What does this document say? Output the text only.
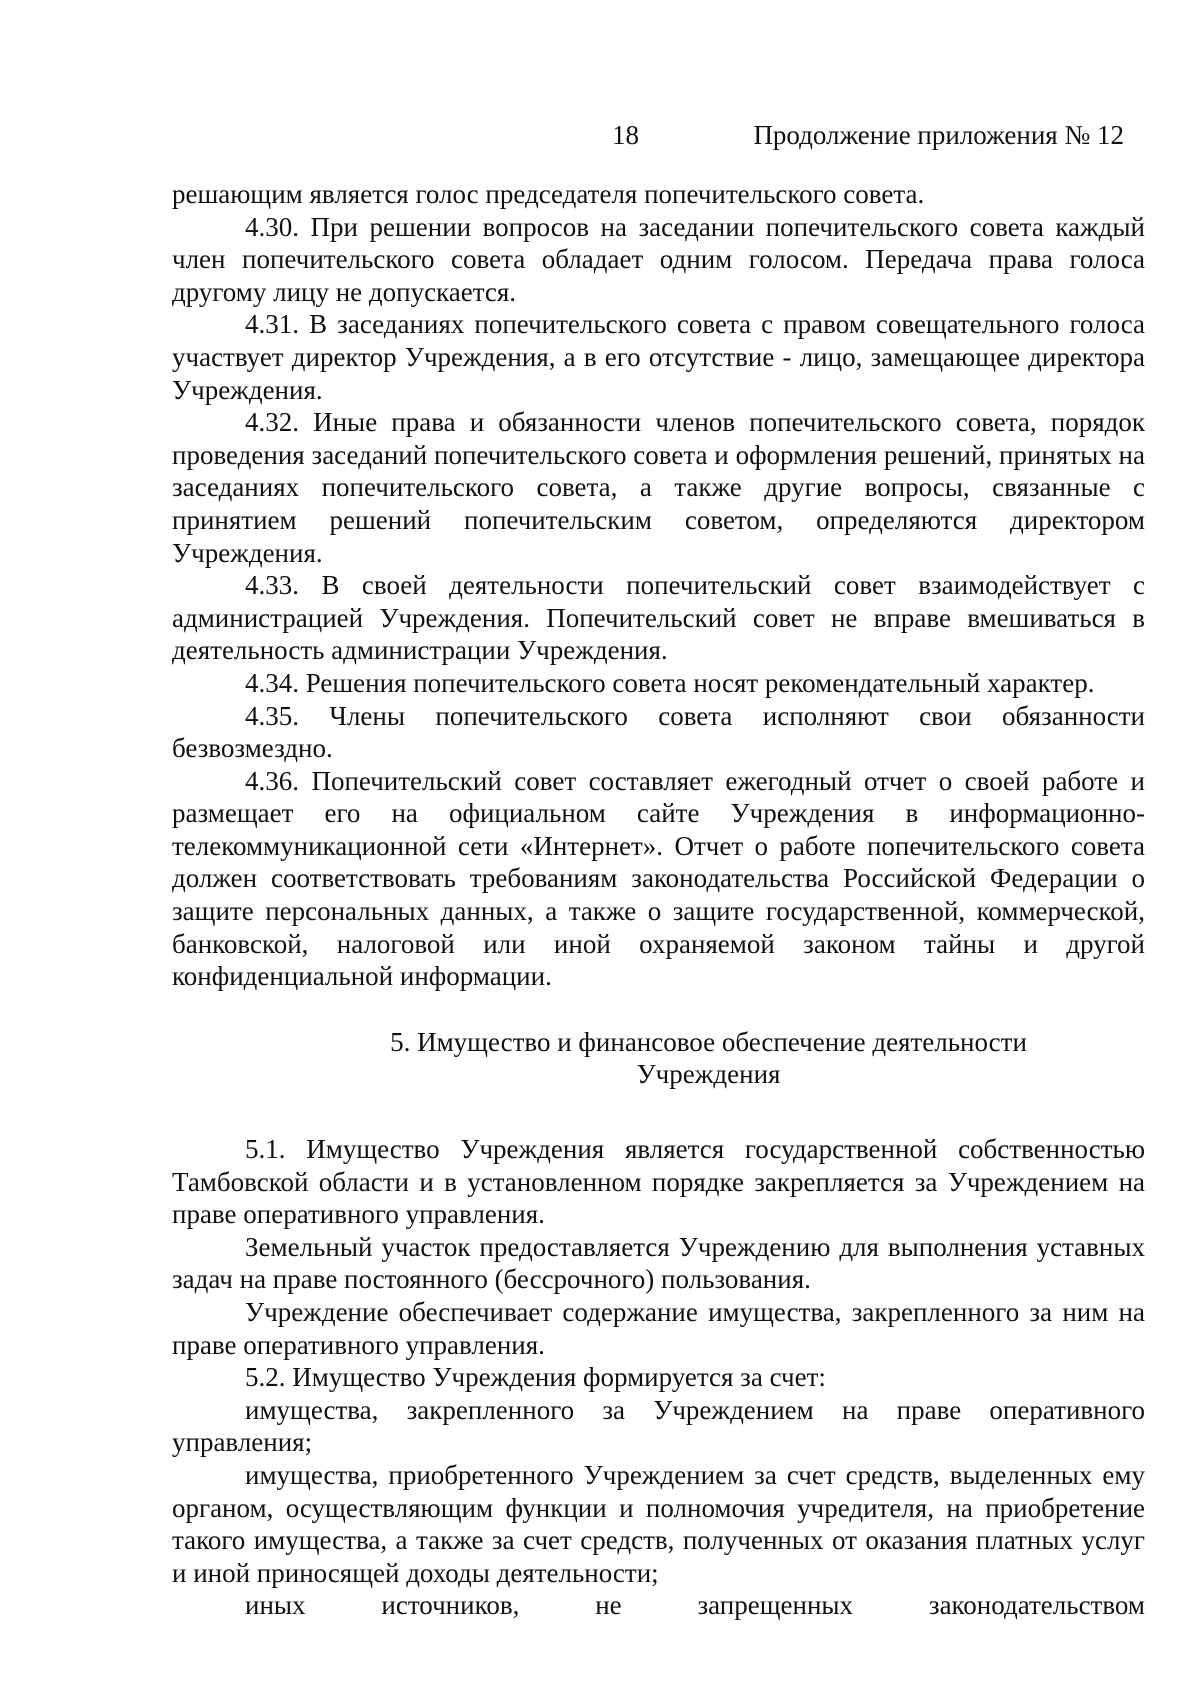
18	Продолжение приложения № 12

решающим является голос председателя попечительского совета.

4.30. При решении вопросов на заседании попечительского совета каждый член попечительского совета обладает одним голосом. Передача права голоса другому лицу не допускается.

4.31. В заседаниях попечительского совета с правом совещательного голоса участвует директор Учреждения, а в его отсутствие - лицо, замещающее директора Учреждения.

4.32. Иные права и обязанности членов попечительского совета, порядок проведения заседаний попечительского совета и оформления решений, принятых на заседаниях попечительского совета, а также другие вопросы, связанные с принятием решений попечительским советом, определяются директором Учреждения.

4.33. В своей деятельности попечительский совет взаимодействует с администрацией Учреждения. Попечительский совет не вправе вмешиваться в деятельность администрации Учреждения.

4.34. Решения попечительского совета носят рекомендательный характер.

4.35. Члены попечительского совета исполняют свои обязанности безвозмездно.

4.36. Попечительский совет составляет ежегодный отчет о своей работе и размещает его на официальном сайте Учреждения в информационно-телекоммуникационной сети «Интернет». Отчет о работе попечительского совета должен соответствовать требованиям законодательства Российской Федерации о защите персональных данных, а также о защите государственной, коммерческой, банковской, налоговой или иной охраняемой законом тайны и другой конфиденциальной информации.

5. Имущество и финансовое обеспечение деятельности
Учреждения

5.1. Имущество Учреждения является государственной собственностью Тамбовской области и в установленном порядке закрепляется за Учреждением на праве оперативного управления.

Земельный участок предоставляется Учреждению для выполнения уставных задач на праве постоянного (бессрочного) пользования.

Учреждение обеспечивает содержание имущества, закрепленного за ним на праве оперативного управления.

5.2. Имущество Учреждения формируется за счет:

имущества, закрепленного за Учреждением на праве оперативного управления;

имущества, приобретенного Учреждением за счет средств, выделенных ему органом, осуществляющим функции и полномочия учредителя, на приобретение такого имущества, а также за счет средств, полученных от оказания платных услуг и иной приносящей доходы деятельности;

иных источников, не запрещенных законодательством
